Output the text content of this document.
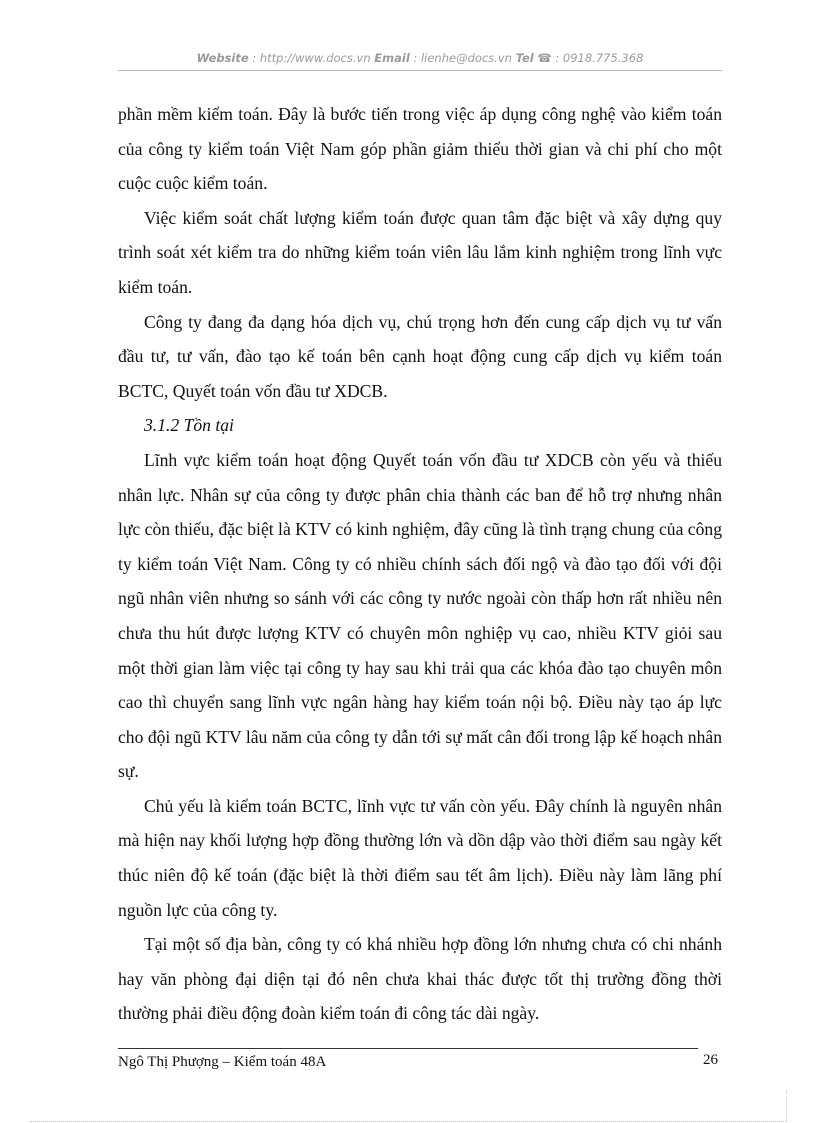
Website : http://www.docs.vn Email : lienhe@docs.vn Tel ☎ : 0918.775.368

phần mềm kiểm toán. Đây là bước tiến trong việc áp dụng công nghệ vào kiểm toán của công ty kiểm toán Việt Nam góp phần giảm thiểu thời gian và chi phí cho một cuộc cuộc kiểm toán.

Việc kiểm soát chất lượng kiểm toán được quan tâm đặc biệt và xây dựng quy trình soát xét kiểm tra do những kiểm toán viên lâu lắm kinh nghiệm trong lĩnh vực kiểm toán.

Công ty đang đa dạng hóa dịch vụ, chú trọng hơn đến cung cấp dịch vụ tư vấn đầu tư, tư vấn, đào tạo kế toán bên cạnh hoạt động cung cấp dịch vụ kiểm toán BCTC, Quyết toán vốn đầu tư XDCB.

3.1.2 Tồn tại

Lĩnh vực kiểm toán hoạt động Quyết toán vốn đầu tư XDCB còn yếu và thiếu nhân lực. Nhân sự của công ty được phân chia thành các ban để hỗ trợ nhưng nhân lực còn thiếu, đặc biệt là KTV có kinh nghiệm, đây cũng là tình trạng chung của công ty kiểm toán Việt Nam. Công ty có nhiều chính sách đối ngộ và đào tạo đối với đội ngũ nhân viên nhưng so sánh với các công ty nước ngoài còn thấp hơn rất nhiều nên chưa thu hút được lượng KTV có chuyên môn nghiệp vụ cao, nhiều KTV giỏi sau một thời gian làm việc tại công ty hay sau khi trải qua các khóa đào tạo chuyên môn cao thì chuyển sang lĩnh vực ngân hàng hay kiểm toán nội bộ. Điều này tạo áp lực cho đội ngũ KTV lâu năm của công ty dẫn tới sự mất cân đối trong lập kế hoạch nhân sự.

Chủ yếu là kiểm toán BCTC, lĩnh vực tư vấn còn yếu. Đây chính là nguyên nhân mà hiện nay khối lượng hợp đồng thường lớn và dồn dập vào thời điểm sau ngày kết thúc niên độ kế toán (đặc biệt là thời điểm sau tết âm lịch). Điều này làm lãng phí nguồn lực của công ty.

Tại một số địa bàn, công ty có khá nhiều hợp đồng lớn nhưng chưa có chi nhánh hay văn phòng đại diện tại đó nên chưa khai thác được tốt thị trường đồng thời thường phải điều động đoàn kiểm toán đi công tác dài ngày.

Ngô Thị Phượng – Kiểm toán 48A	26
